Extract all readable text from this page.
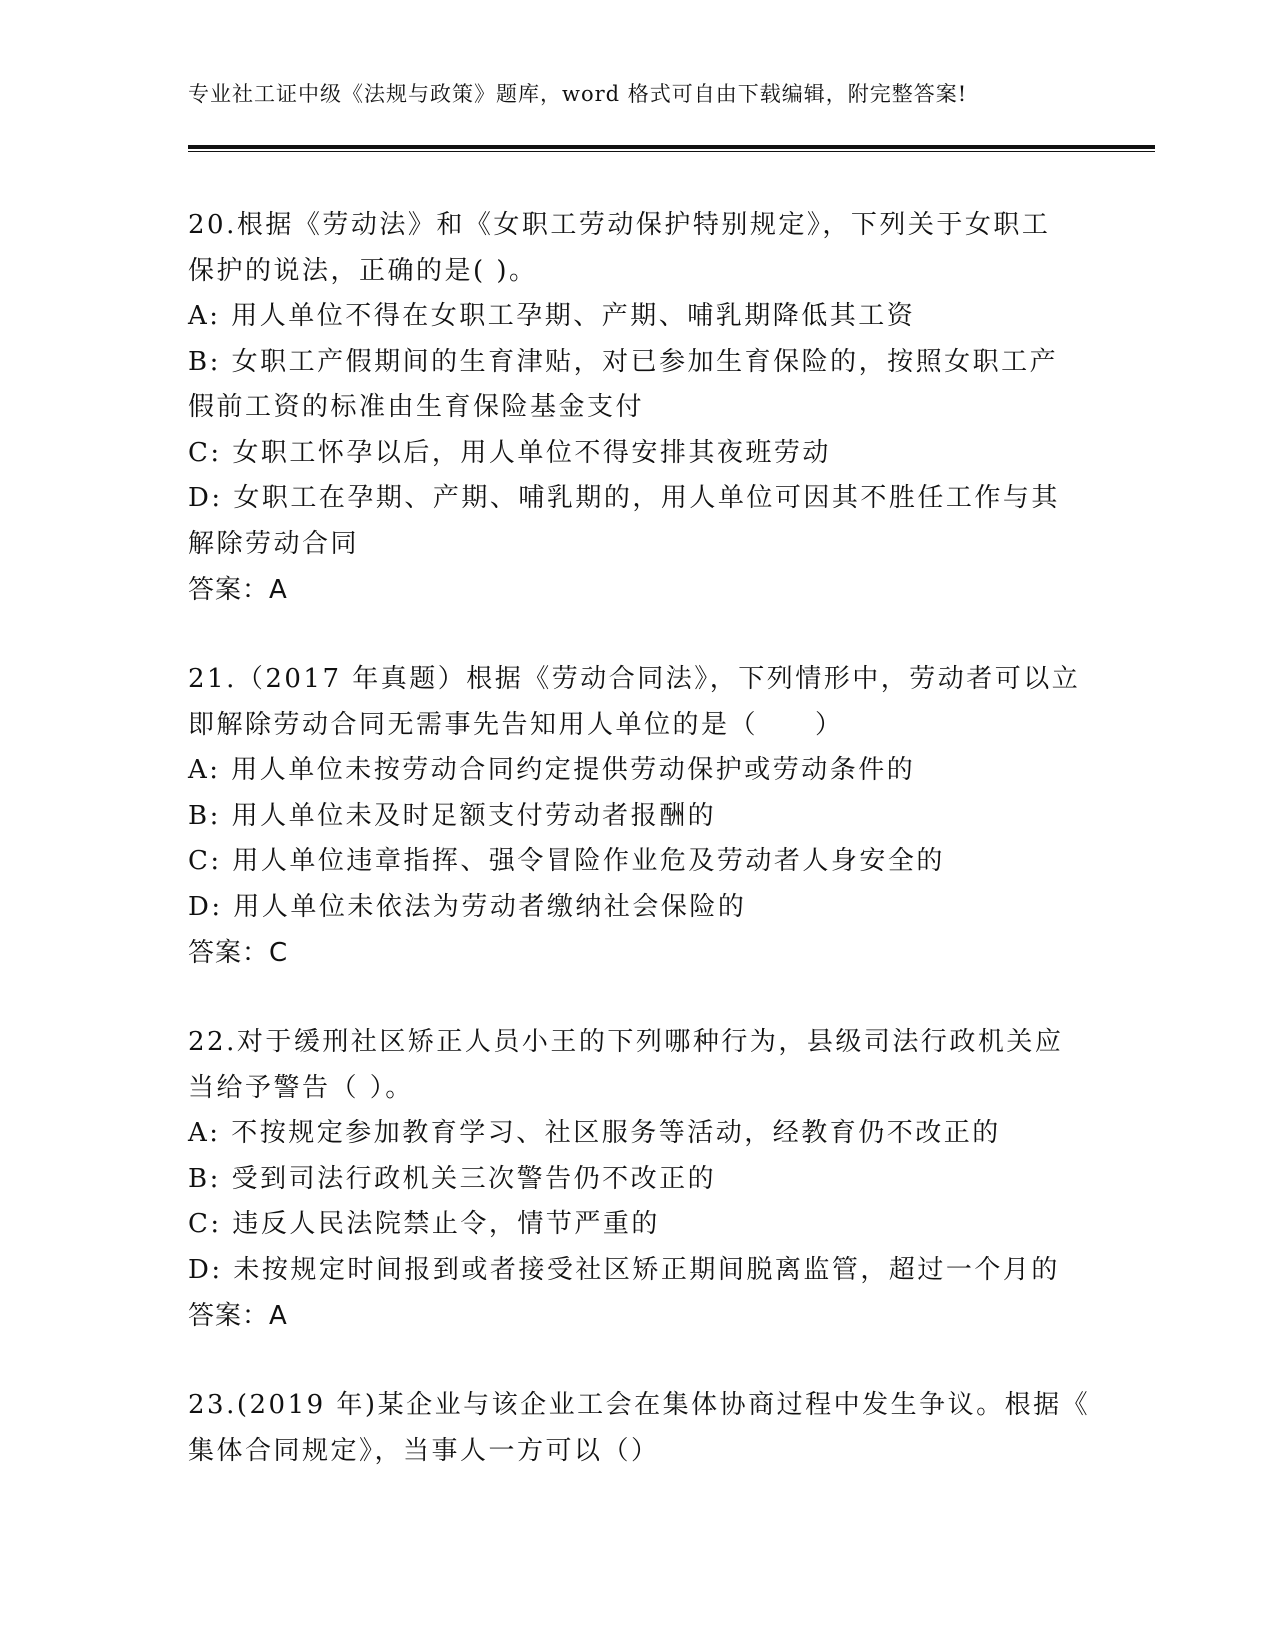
专业社工证中级《法规与政策》题库，word 格式可自由下载编辑，附完整答案!
20.根据《劳动法》和《女职工劳动保护特别规定》，下列关于女职工
保护的说法，正确的是( )。
A: 用人单位不得在女职工孕期、产期、哺乳期降低其工资
B: 女职工产假期间的生育津贴，对已参加生育保险的，按照女职工产
假前工资的标准由生育保险基金支付
C: 女职工怀孕以后，用人单位不得安排其夜班劳动
D: 女职工在孕期、产期、哺乳期的，用人单位可因其不胜任工作与其
解除劳动合同
答案：A
21.（2017 年真题）根据《劳动合同法》，下列情形中，劳动者可以立
即解除劳动合同无需事先告知用人单位的是（　　）
A: 用人单位未按劳动合同约定提供劳动保护或劳动条件的
B: 用人单位未及时足额支付劳动者报酬的
C: 用人单位违章指挥、强令冒险作业危及劳动者人身安全的
D: 用人单位未依法为劳动者缴纳社会保险的
答案：C
22.对于缓刑社区矫正人员小王的下列哪种行为，县级司法行政机关应
当给予警告（ ）。
A: 不按规定参加教育学习、社区服务等活动，经教育仍不改正的
B: 受到司法行政机关三次警告仍不改正的
C: 违反人民法院禁止令，情节严重的
D: 未按规定时间报到或者接受社区矫正期间脱离监管，超过一个月的
答案：A
23.(2019 年)某企业与该企业工会在集体协商过程中发生争议。根据《
集体合同规定》，当事人一方可以（）
